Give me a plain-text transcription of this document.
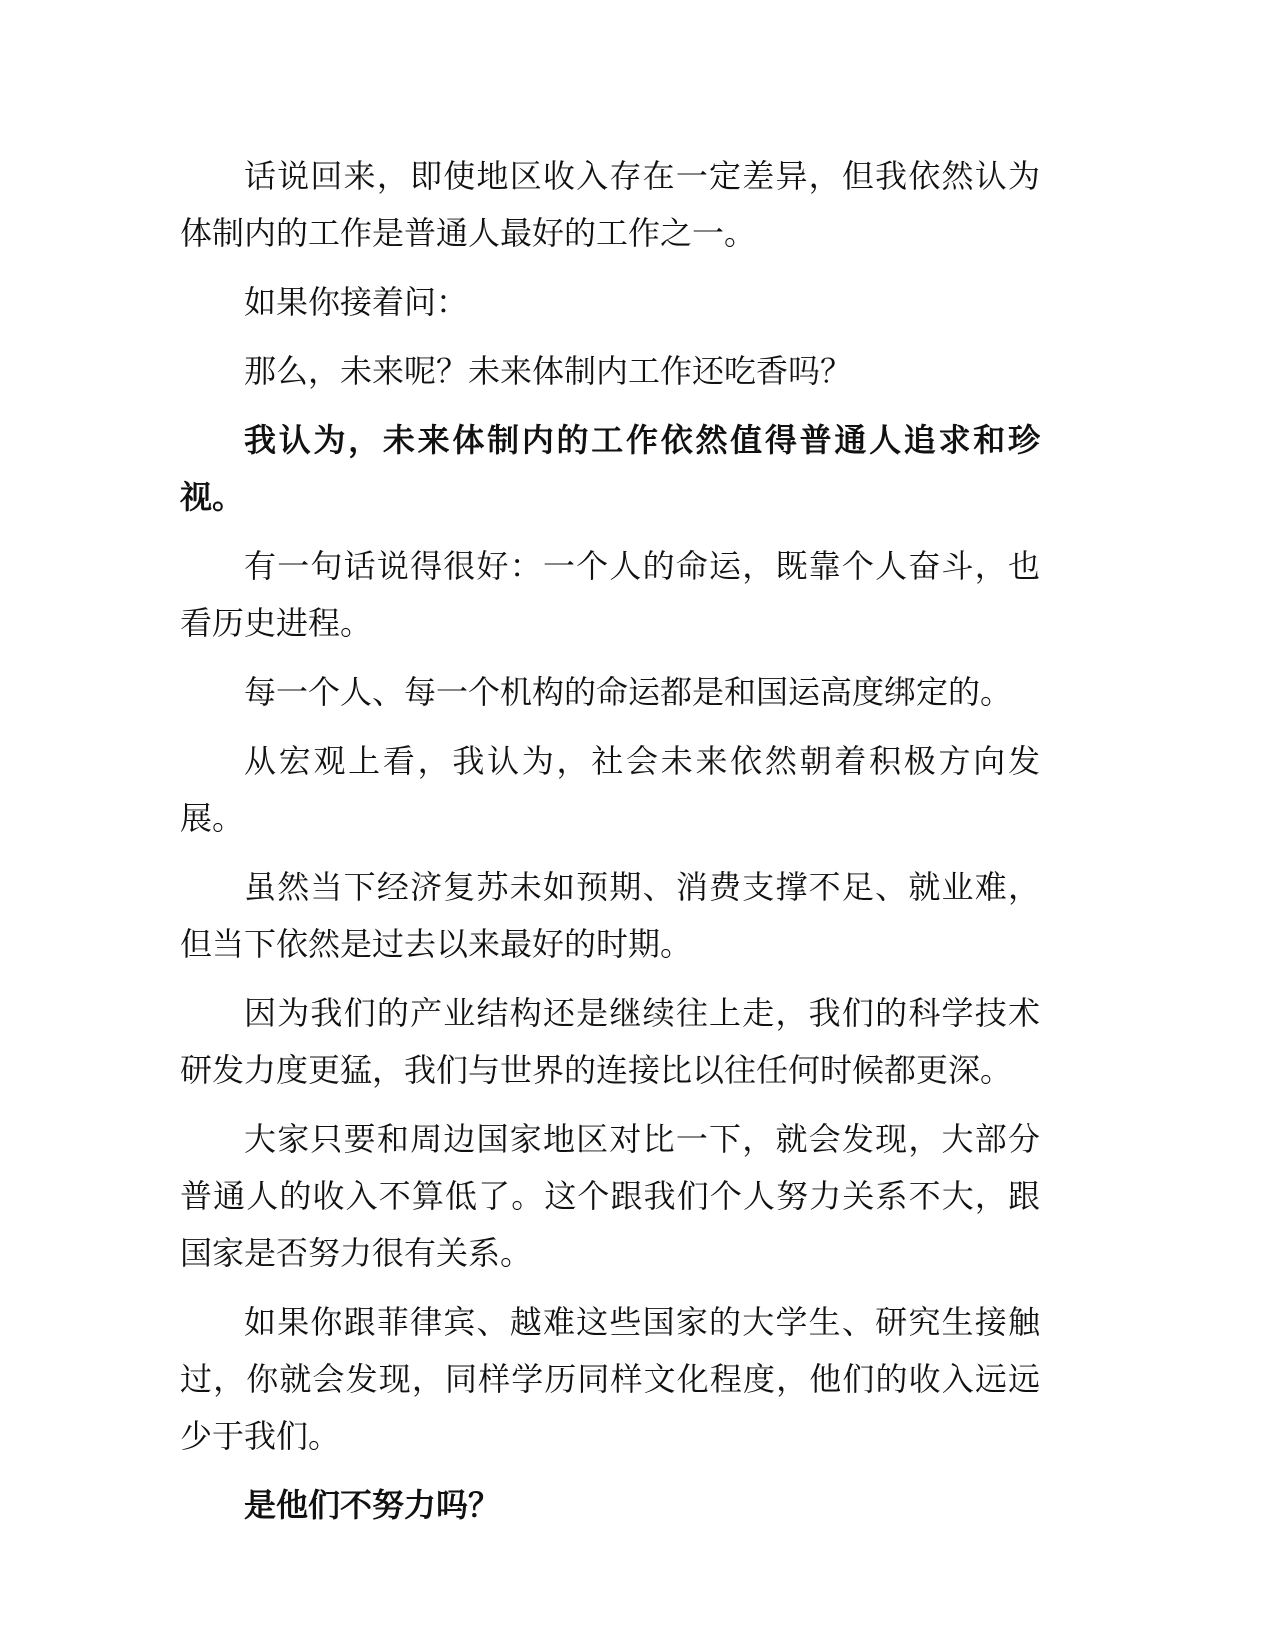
话说回来，即使地区收入存在一定差异，但我依然认为体制内的工作是普通人最好的工作之一。

如果你接着问：

那么，未来呢？未来体制内工作还吃香吗？

我认为，未来体制内的工作依然值得普通人追求和珍视。

有一句话说得很好：一个人的命运，既靠个人奋斗，也看历史进程。

每一个人、每一个机构的命运都是和国运高度绑定的。

从宏观上看，我认为，社会未来依然朝着积极方向发展。

虽然当下经济复苏未如预期、消费支撑不足、就业难，但当下依然是过去以来最好的时期。

因为我们的产业结构还是继续往上走，我们的科学技术研发力度更猛，我们与世界的连接比以往任何时候都更深。

大家只要和周边国家地区对比一下，就会发现，大部分普通人的收入不算低了。这个跟我们个人努力关系不大，跟国家是否努力很有关系。

如果你跟菲律宾、越难这些国家的大学生、研究生接触过，你就会发现，同样学历同样文化程度，他们的收入远远少于我们。

是他们不努力吗？
